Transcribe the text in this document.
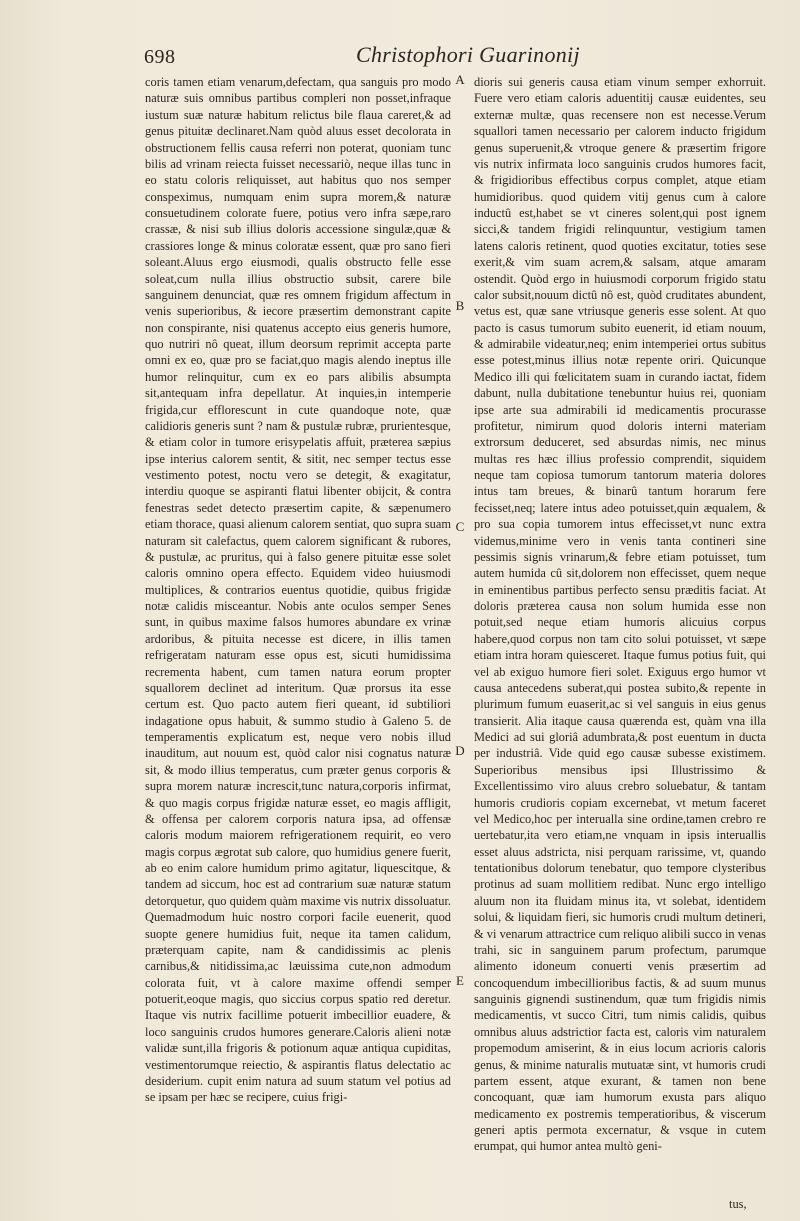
698	Christophori Guarinonij

coris tamen etiam venarum,defectam, qua sanguis pro modo naturæ suis omnibus partibus compleri non posset,infraque iustum suæ naturæ habitum relictus bile flaua careret,& ad genus pituitæ declinaret.Nam quòd aluus esset decolorata in obstructionem fellis causa referri non poterat, quoniam tunc bilis ad vrinam reiecta fuisset necessariò, neque illas tunc in eo statu coloris reliquisset, aut habitus quo nos semper conspeximus, numquam enim supra morem,& naturæ consuetudinem colorate fuere, potius vero infra sæpe,raro crassæ, & nisi sub illius doloris accessione singulæ,quæ & crassiores longe & minus coloratæ essent, quæ pro sano fieri soleant.Aluus ergo eiusmodi, qualis obstructo felle esse soleat,cum nulla illius obstructio subsit, carere bile sanguinem denunciat, quæ res omnem frigidum affectum in venis superioribus, & iecore præsertim demonstrant capite non conspirante, nisi quatenus accepto eius generis humore, quo nutriri nô queat, illum deorsum reprimit accepta parte omni ex eo, quæ pro se faciat,quo magis alendo ineptus ille humor relinquitur, cum ex eo pars alibilis absumpta sit,antequam infra depellatur. At inquies,in intemperie frigida,cur efflorescunt in cute quandoque note, quæ calidioris generis sunt ? nam & pustulæ rubræ, prurientesque, & etiam color in tumore erisypelatis affuit, præterea sæpius ipse interius calorem sentit, & sitit, nec semper tectus esse vestimento potest, noctu vero se detegit, & exagitatur, interdiu quoque se aspiranti flatui libenter obijcit, & contra fenestras sedet detecto præsertim capite, & sæpenumero etiam thorace, quasi alienum calorem sentiat, quo supra suam naturam sit calefactus, quem calorem significant & rubores, & pustulæ, ac pruritus, qui à falso genere pituitæ esse solet caloris omnino opera effecto. Equidem video huiusmodi multiplices, & contrarios euentus quotidie, quibus frigidæ notæ calidis misceantur. Nobis ante oculos semper Senes sunt, in quibus maxime falsos humores abundare ex vrinæ ardoribus, & pituita necesse est dicere, in illis tamen refrigeratam naturam esse opus est, sicuti humidissima recrementa habent, cum tamen natura eorum propter squallorem declinet ad interitum. Quæ prorsus ita esse certum est. Quo pacto autem fieri queant, id subtiliori indagatione opus habuit, & summo studio à Galeno 5. de temperamentis explicatum est, neque vero nobis illud inauditum, aut nouum est, quòd calor nisi cognatus naturæ sit, & modo illius temperatus, cum præter genus corporis & supra morem naturæ increscit,tunc natura,corporis infirmat, & quo magis corpus frigidæ naturæ esset, eo magis affligit, & offensa per calorem corporis natura ipsa, ad offensæ caloris modum maiorem refrigerationem requirit, eo vero magis corpus ægrotat sub calore, quo humidius genere fuerit, ab eo enim calore humidum primo agitatur, liquescitque, & tandem ad siccum, hoc est ad contrarium suæ naturæ statum detorquetur, quo quidem quàm maxime vis nutrix dissoluatur. Quemadmodum huic nostro corpori facile euenerit, quod suopte genere humidius fuit, neque ita tamen calidum, præterquam capite, nam & candidissimis ac plenis carnibus,& nitidissima,ac læuissima cute,non admodum colorata fuit, vt à calore maxime offendi semper potuerit,eoque magis, quo siccius corpus spatio red deretur. Itaque vis nutrix facillime potuerit imbecillior euadere, & loco sanguinis crudos humores generare.Caloris alieni notæ validæ sunt,illa frigoris & potionum aquæ antiqua cupiditas, vestimentorumque reiectio, & aspirantis flatus delectatio ac desiderium. cupit enim natura ad suum statum vel potius ad se ipsam per hæc se recipere, cuius frigi-

A
B
C
D
E

dioris sui generis causa etiam vinum semper exhorruit. Fuere vero etiam caloris aduentitij causæ euidentes, seu externæ multæ, quas recensere non est necesse.Verum squallori tamen necessario per calorem inducto frigidum genus superuenit,& vtroque genere & præsertim frigore vis nutrix infirmata loco sanguinis crudos humores facit, & frigidioribus effectibus corpus complet, atque etiam humidioribus. quod quidem vitij genus cum à calore inductû est,habet se vt cineres solent,qui post ignem sicci,& tandem frigidi relinquuntur, vestigium tamen latens caloris retinent, quod quoties excitatur, toties sese exerit,& vim suam acrem,& salsam, atque amaram ostendit. Quòd ergo in huiusmodi corporum frigido statu calor subsit,nouum dictû nô est, quòd cruditates abundent, vetus est, quæ sane vtriusque generis esse solent. At quo pacto is casus tumorum subito euenerit, id etiam nouum, & admirabile videatur,neq; enim intemperiei ortus subitus esse potest,minus illius notæ repente oriri. Quicunque Medico illi qui fœlicitatem suam in curando iactat, fidem dabunt, nulla dubitatione tenebuntur huius rei, quoniam ipse arte sua admirabili id medicamentis procurasse profitetur, nimirum quod doloris interni materiam extrorsum deduceret, sed absurdas nimis, nec minus multas res hæc illius professio comprendit, siquidem neque tam copiosa tumorum tantorum materia dolores intus tam breues, & binarû tantum horarum fere fecisset,neq; latere intus adeo potuisset,quin æqualem, & pro sua copia tumorem intus effecisset,vt nunc extra videmus,minime vero in venis tanta contineri sine pessimis signis vrinarum,& febre etiam potuisset, tum autem humida cû sit,dolorem non effecisset, quem neque in eminentibus partibus perfecto sensu præditis faciat. At doloris præterea causa non solum humida esse non potuit,sed neque etiam humoris alicuius corpus habere,quod corpus non tam cito solui potuisset, vt sæpe etiam intra horam quiesceret. Itaque fumus potius fuit, qui vel ab exiguo humore fieri solet. Exiguus ergo humor vt causa antecedens suberat,qui postea subito,& repente in plurimum fumum euaserit,ac si vel sanguis in eius genus transierit. Alia itaque causa quærenda est, quàm vna illa Medici ad sui gloriâ adumbrata,& post euentum in ducta per industriâ. Vide quid ego causæ subesse existimem. Superioribus mensibus ipsi Illustrissimo & Excellentissimo viro aluus crebro soluebatur, & tantam humoris crudioris copiam excernebat, vt metum faceret vel Medico,hoc per interualla sine ordine,tamen crebro re uertebatur,ita vero etiam,ne vnquam in ipsis interuallis esset aluus adstricta, nisi perquam rarissime, vt, quando tentationibus dolorum tenebatur, quo tempore clysteribus protinus ad suam mollitiem redibat. Nunc ergo intelligo aluum non ita fluidam minus ita, vt solebat, identidem solui, & liquidam fieri, sic humoris crudi multum detineri, & vi venarum attractrice cum reliquo alibili succo in venas trahi, sic in sanguinem parum profectum, parumque alimento idoneum conuerti venis præsertim ad concoquendum imbecillioribus factis, & ad suum munus sanguinis gignendi sustinendum, quæ tum frigidis nimis medicamentis, vt succo Citri, tum nimis calidis, quibus omnibus aluus adstrictior facta est, caloris vim naturalem propemodum amiserint, & in eius locum acrioris caloris genus, & minime naturalis mutuatæ sint, vt humoris crudi partem essent, atque exurant, & tamen non bene concoquant, quæ iam humorum exusta pars aliquo medicamento ex postremis temperatioribus, & viscerum generi aptis permota excernatur, & vsque in cutem erumpat, qui humor antea multò geni-

tus,
